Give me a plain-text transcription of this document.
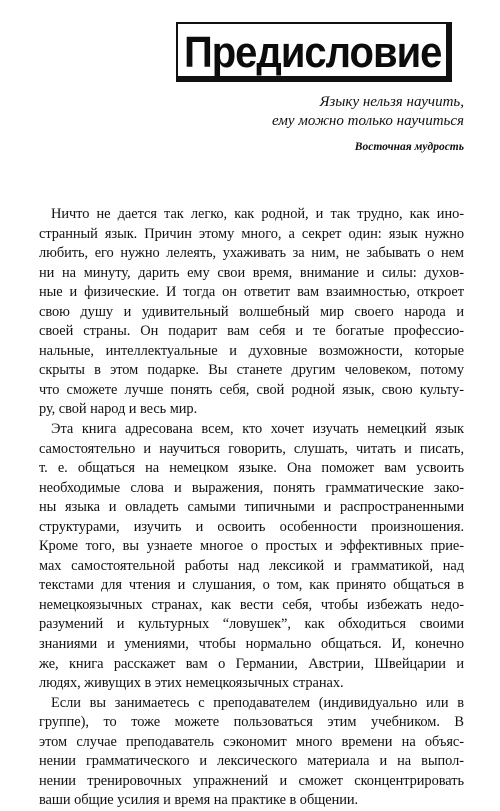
Предисловие
Языку нельзя научить,
ему можно только научиться
Восточная мудрость

Ничто не дается так легко, как родной, и так трудно, как ино-
странный язык. Причин этому много, а секрет один: язык нужно
любить, его нужно лелеять, ухаживать за ним, не забывать о нем
ни на минуту, дарить ему свои время, внимание и силы: духов-
ные и физические. И тогда он ответит вам взаимностью, откроет
свою душу и удивительный волшебный мир своего народа и
своей страны. Он подарит вам себя и те богатые профессио-
нальные, интеллектуальные и духовные возможности, которые
скрыты в этом подарке. Вы станете другим человеком, потому
что сможете лучше понять себя, свой родной язык, свою культу-
ру, свой народ и весь мир.

Эта книга адресована всем, кто хочет изучать немецкий язык
самостоятельно и научиться говорить, слушать, читать и писать,
т. е. общаться на немецком языке. Она поможет вам усвоить
необходимые слова и выражения, понять грамматические зако-
ны языка и овладеть самыми типичными и распространенными
структурами, изучить и освоить особенности произношения.
Кроме того, вы узнаете многое о простых и эффективных прие-
мах самостоятельной работы над лексикой и грамматикой, над
текстами для чтения и слушания, о том, как принято общаться в
немецкоязычных странах, как вести себя, чтобы избежать недо-
разумений и культурных “ловушек”, как обходиться своими
знаниями и умениями, чтобы нормально общаться. И, конечно
же, книга расскажет вам о Германии, Австрии, Швейцарии и
людях, живущих в этих немецкоязычных странах.

Если вы занимаетесь с преподавателем (индивидуально или в
группе), то тоже можете пользоваться этим учебником. В
этом случае преподаватель сэкономит много времени на объяс-
нении грамматического и лексического материала и на выпол-
нении тренировочных упражнений и сможет сконцентрировать
ваши общие усилия и время на практике в общении.
